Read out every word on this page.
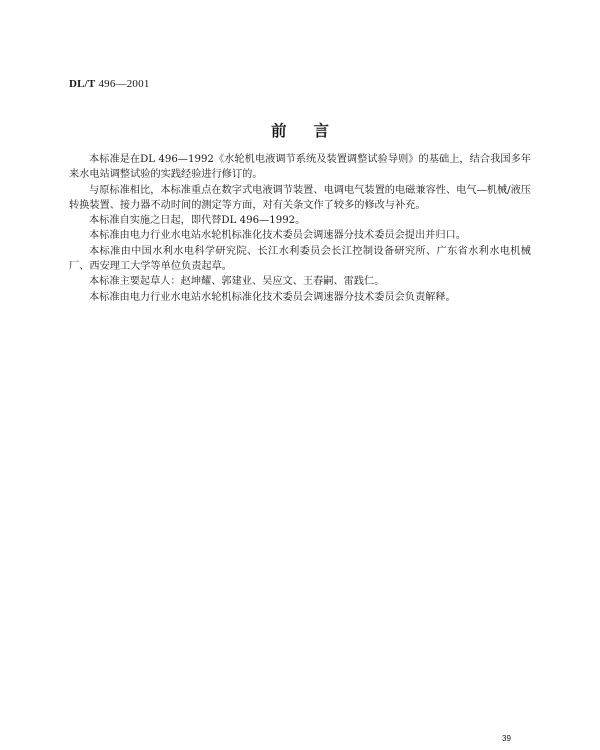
DL/T 496—2001
前言

本标准是在DL 496—1992《水轮机电液调节系统及装置调整试验导则》的基础上，结合我国多年来水电站调整试验的实践经验进行修订的。

与原标准相比，本标准重点在数字式电液调节装置、电调电气装置的电磁兼容性、电气—机械/液压转换装置、接力器不动时间的测定等方面，对有关条文作了较多的修改与补充。

本标准自实施之日起，即代替DL 496—1992。

本标准由电力行业水电站水轮机标准化技术委员会调速器分技术委员会提出并归口。

本标准由中国水利水电科学研究院、长江水利委员会长江控制设备研究所、广东省水利水电机械厂、西安理工大学等单位负责起草。

本标准主要起草人：赵坤耀、郭建业、吴应文、王春嗣、雷践仁。

本标准由电力行业水电站水轮机标准化技术委员会调速器分技术委员会负责解释。

39
